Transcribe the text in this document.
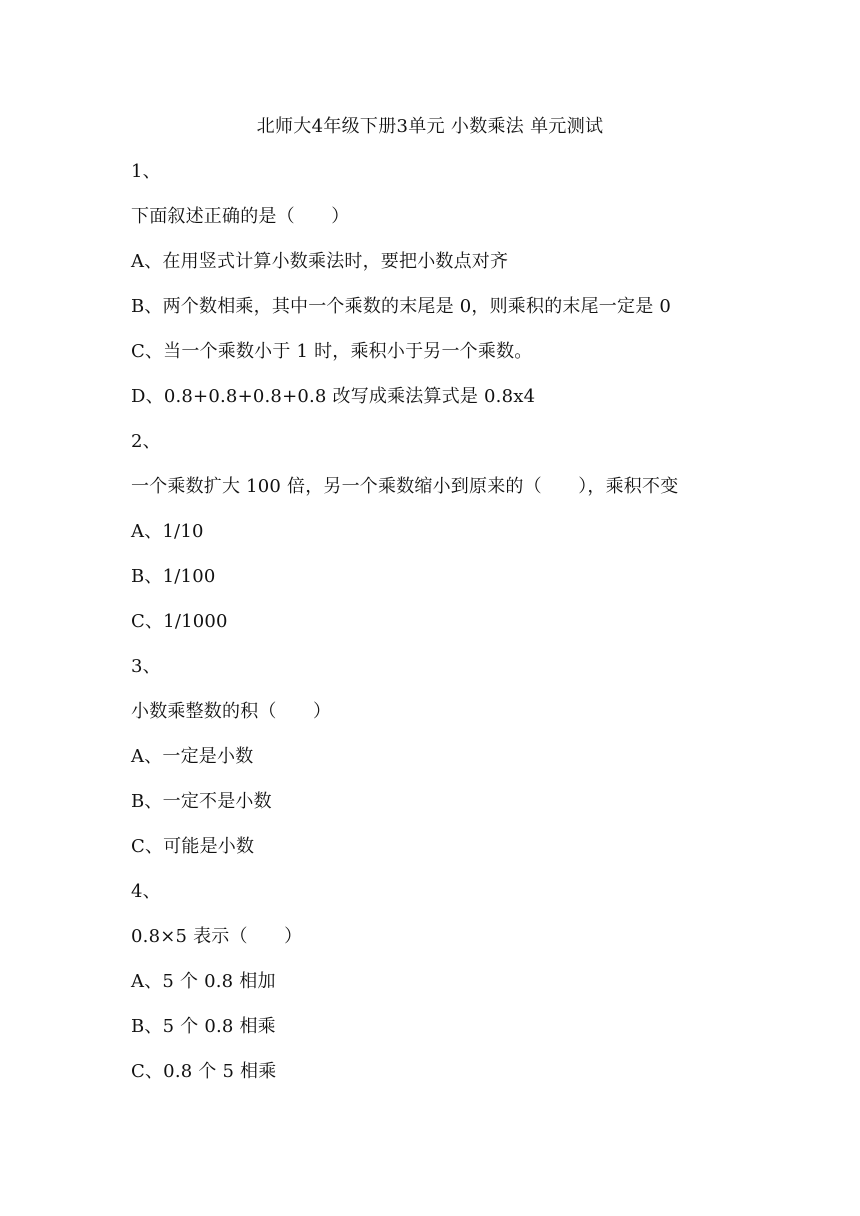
北师大4年级下册3单元 小数乘法 单元测试
1、
下面叙述正确的是（　　）
A、在用竖式计算小数乘法时，要把小数点对齐
B、两个数相乘，其中一个乘数的末尾是 0，则乘积的末尾一定是 0
C、当一个乘数小于 1 时，乘积小于另一个乘数。
D、0.8+0.8+0.8+0.8 改写成乘法算式是 0.8x4
2、
一个乘数扩大 100 倍，另一个乘数缩小到原来的（　　），乘积不变
A、1/10
B、1/100
C、1/1000
3、
小数乘整数的积（　　）
A、一定是小数
B、一定不是小数
C、可能是小数
4、
0.8×5 表示（　　）
A、5 个 0.8 相加
B、5 个 0.8 相乘
C、0.8 个 5 相乘
